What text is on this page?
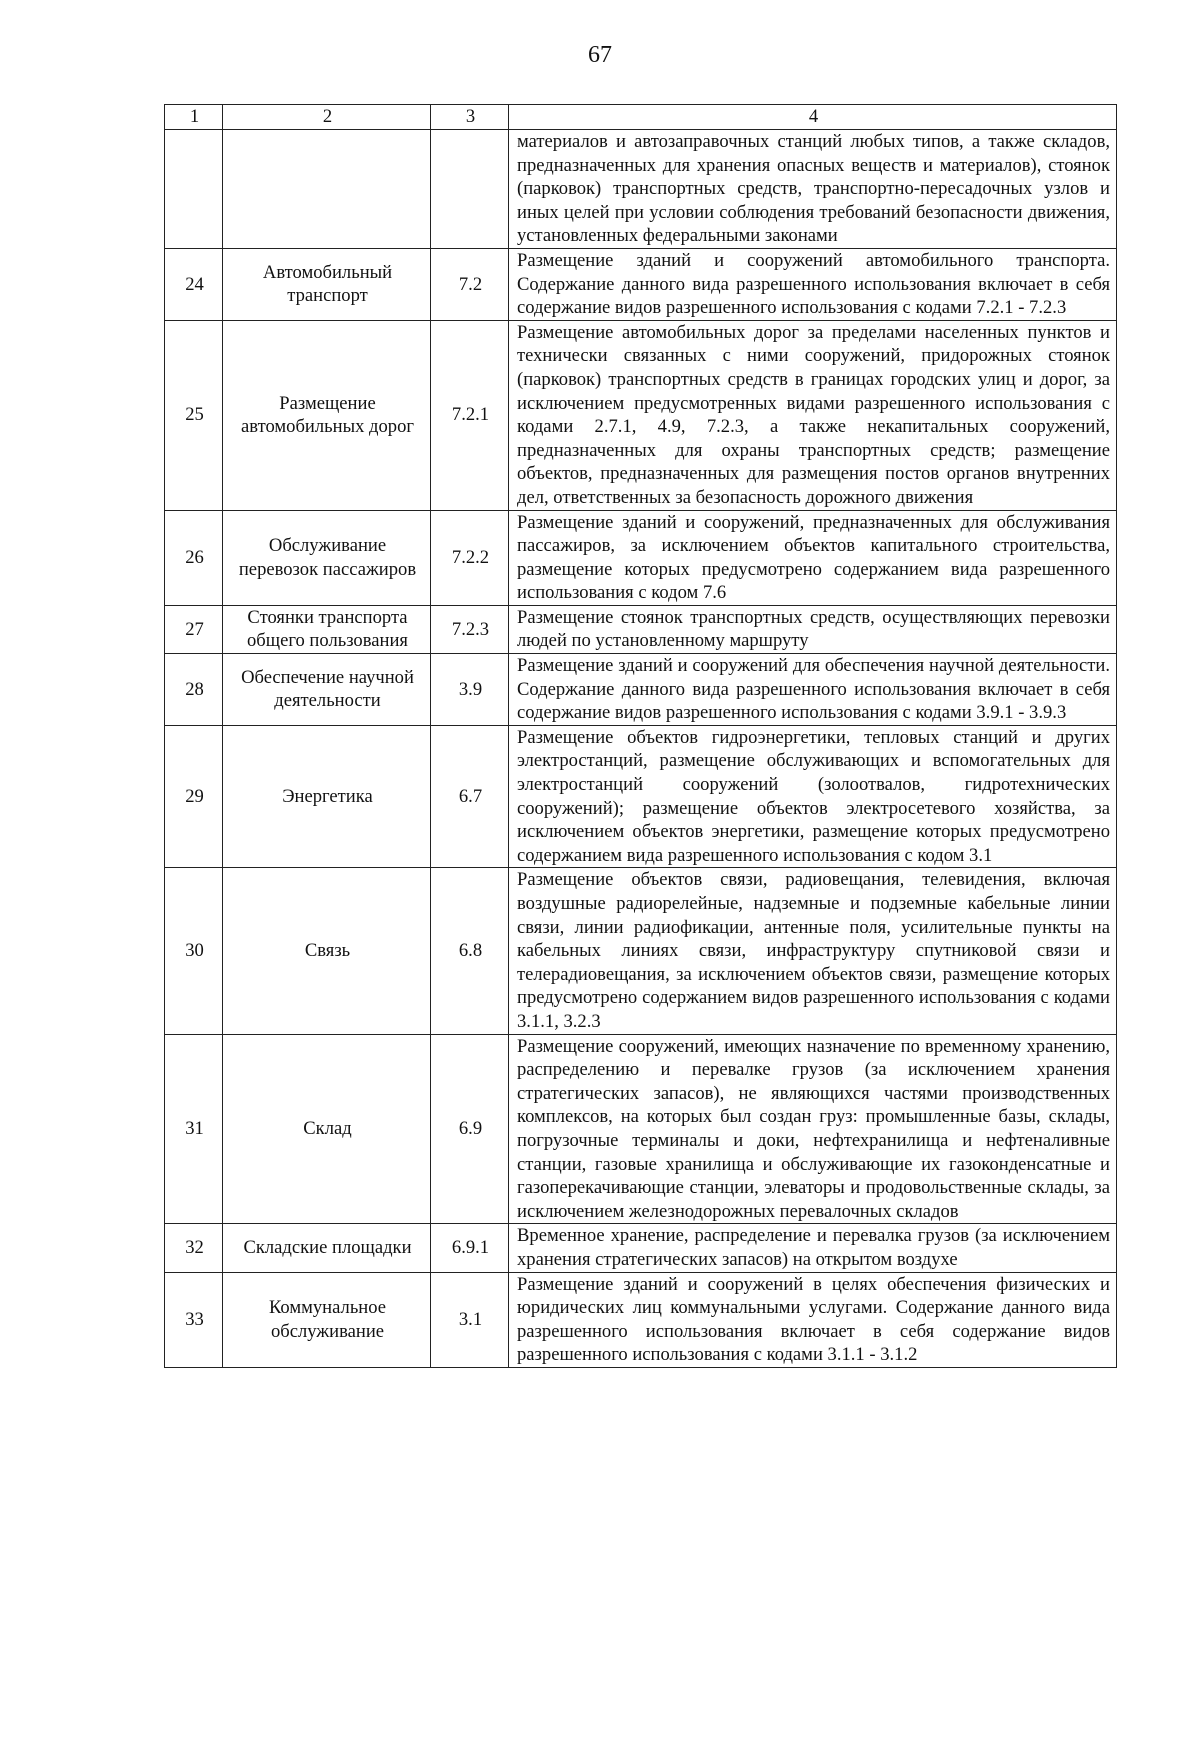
67
1	2	3	4
			материалов и автозаправочных станций любых типов, а также складов, предназначенных для хранения опасных веществ и материалов), стоянок (парковок) транспортных средств, транспортно-пересадочных узлов и иных целей при условии соблюдения требований безопасности движения, установленных федеральными законами
24	Автомобильный транспорт	7.2	Размещение зданий и сооружений автомобильного транспорта. Содержание данного вида разрешенного использования включает в себя содержание видов разрешенного использования с кодами 7.2.1 - 7.2.3
25	Размещение автомобильных дорог	7.2.1	Размещение автомобильных дорог за пределами населенных пунктов и технически связанных с ними сооружений, придорожных стоянок (парковок) транспортных средств в границах городских улиц и дорог, за исключением предусмотренных видами разрешенного использования с кодами 2.7.1, 4.9, 7.2.3, а также некапитальных сооружений, предназначенных для охраны транспортных средств; размещение объектов, предназначенных для размещения постов органов внутренних дел, ответственных за безопасность дорожного движения
26	Обслуживание перевозок пассажиров	7.2.2	Размещение зданий и сооружений, предназначенных для обслуживания пассажиров, за исключением объектов капитального строительства, размещение которых предусмотрено содержанием вида разрешенного использования с кодом 7.6
27	Стоянки транспорта общего пользования	7.2.3	Размещение стоянок транспортных средств, осуществляющих перевозки людей по установленному маршруту
28	Обеспечение научной деятельности	3.9	Размещение зданий и сооружений для обеспечения научной деятельности. Содержание данного вида разрешенного использования включает в себя содержание видов разрешенного использования с кодами 3.9.1 - 3.9.3
29	Энергетика	6.7	Размещение объектов гидроэнергетики, тепловых станций и других электростанций, размещение обслуживающих и вспомогательных для электростанций сооружений (золоотвалов, гидротехнических сооружений); размещение объектов электросетевого хозяйства, за исключением объектов энергетики, размещение которых предусмотрено содержанием вида разрешенного использования с кодом 3.1
30	Связь	6.8	Размещение объектов связи, радиовещания, телевидения, включая воздушные радиорелейные, надземные и подземные кабельные линии связи, линии радиофикации, антенные поля, усилительные пункты на кабельных линиях связи, инфраструктуру спутниковой связи и телерадиовещания, за исключением объектов связи, размещение которых предусмотрено содержанием видов разрешенного использования с кодами 3.1.1, 3.2.3
31	Склад	6.9	Размещение сооружений, имеющих назначение по временному хранению, распределению и перевалке грузов (за исключением хранения стратегических запасов), не являющихся частями производственных комплексов, на которых был создан груз: промышленные базы, склады, погрузочные терминалы и доки, нефтехранилища и нефтеналивные станции, газовые хранилища и обслуживающие их газоконденсатные и газоперекачивающие станции, элеваторы и продовольственные склады, за исключением железнодорожных перевалочных складов
32	Складские площадки	6.9.1	Временное хранение, распределение и перевалка грузов (за исключением хранения стратегических запасов) на открытом воздухе
33	Коммунальное обслуживание	3.1	Размещение зданий и сооружений в целях обеспечения физических и юридических лиц коммунальными услугами. Содержание данного вида разрешенного использования включает в себя содержание видов разрешенного использования с кодами 3.1.1 - 3.1.2
